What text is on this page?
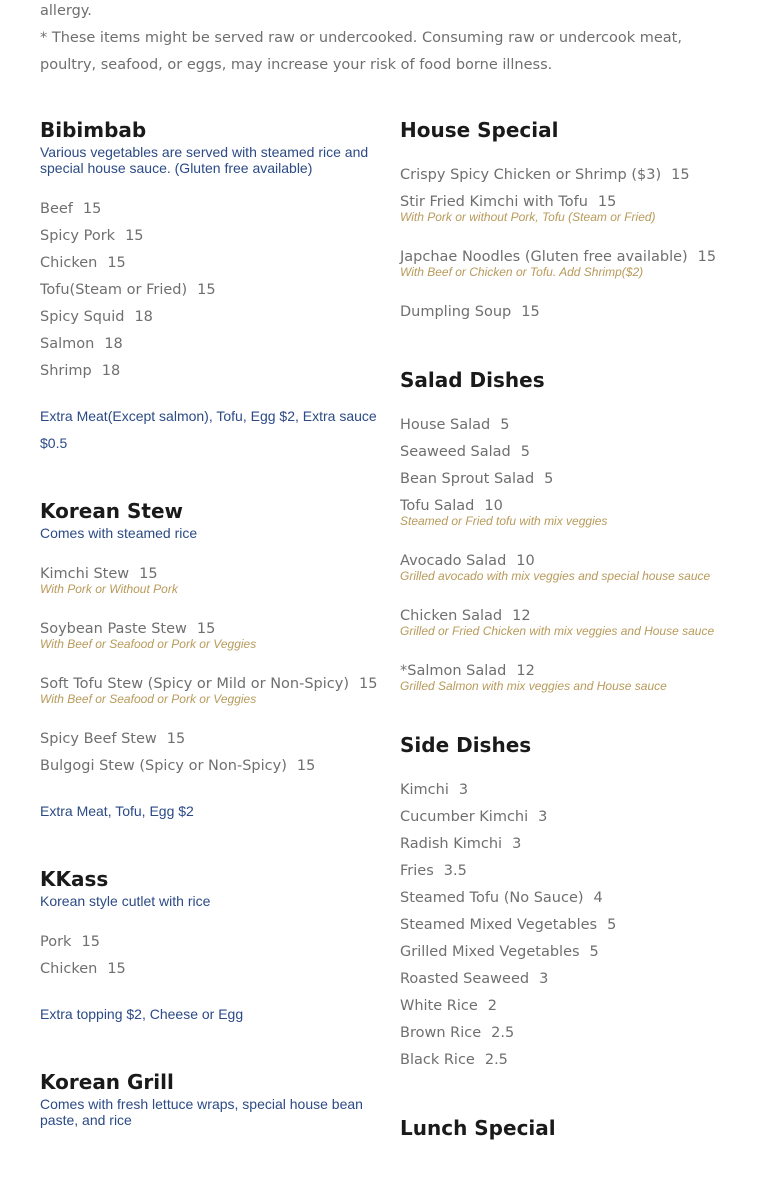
allergy.
* These items might be served raw or undercooked. Consuming raw or undercook meat, poultry, seafood, or eggs, may increase your risk of food borne illness.
Bibimbab
Various vegetables are served with steamed rice and special house sauce. (Gluten free available)
Beef 15
Spicy Pork 15
Chicken 15
Tofu(Steam or Fried) 15
Spicy Squid 18
Salmon 18
Shrimp 18
Extra Meat(Except salmon), Tofu, Egg $2, Extra sauce $0.5
Korean Stew
Comes with steamed rice
Kimchi Stew 15
With Pork or Without Pork
Soybean Paste Stew 15
With Beef or Seafood or Pork or Veggies
Soft Tofu Stew (Spicy or Mild or Non-Spicy) 15
With Beef or Seafood or Pork or Veggies
Spicy Beef Stew 15
Bulgogi Stew (Spicy or Non-Spicy) 15
Extra Meat, Tofu, Egg $2
KKass
Korean style cutlet with rice
Pork 15
Chicken 15
Extra topping $2, Cheese or Egg
Korean Grill
Comes with fresh lettuce wraps, special house bean paste, and rice
House Special
Crispy Spicy Chicken or Shrimp ($3) 15
Stir Fried Kimchi with Tofu 15
With Pork or without Pork, Tofu (Steam or Fried)
Japchae Noodles (Gluten free available) 15
With Beef or Chicken or Tofu. Add Shrimp($2)
Dumpling Soup 15
Salad Dishes
House Salad 5
Seaweed Salad 5
Bean Sprout Salad 5
Tofu Salad 10
Steamed or Fried tofu with mix veggies
Avocado Salad 10
Grilled avocado with mix veggies and special house sauce
Chicken Salad 12
Grilled or Fried Chicken with mix veggies and House sauce
*Salmon Salad 12
Grilled Salmon with mix veggies and House sauce
Side Dishes
Kimchi 3
Cucumber Kimchi 3
Radish Kimchi 3
Fries 3.5
Steamed Tofu (No Sauce) 4
Steamed Mixed Vegetables 5
Grilled Mixed Vegetables 5
Roasted Seaweed 3
White Rice 2
Brown Rice 2.5
Black Rice 2.5
Lunch Special
